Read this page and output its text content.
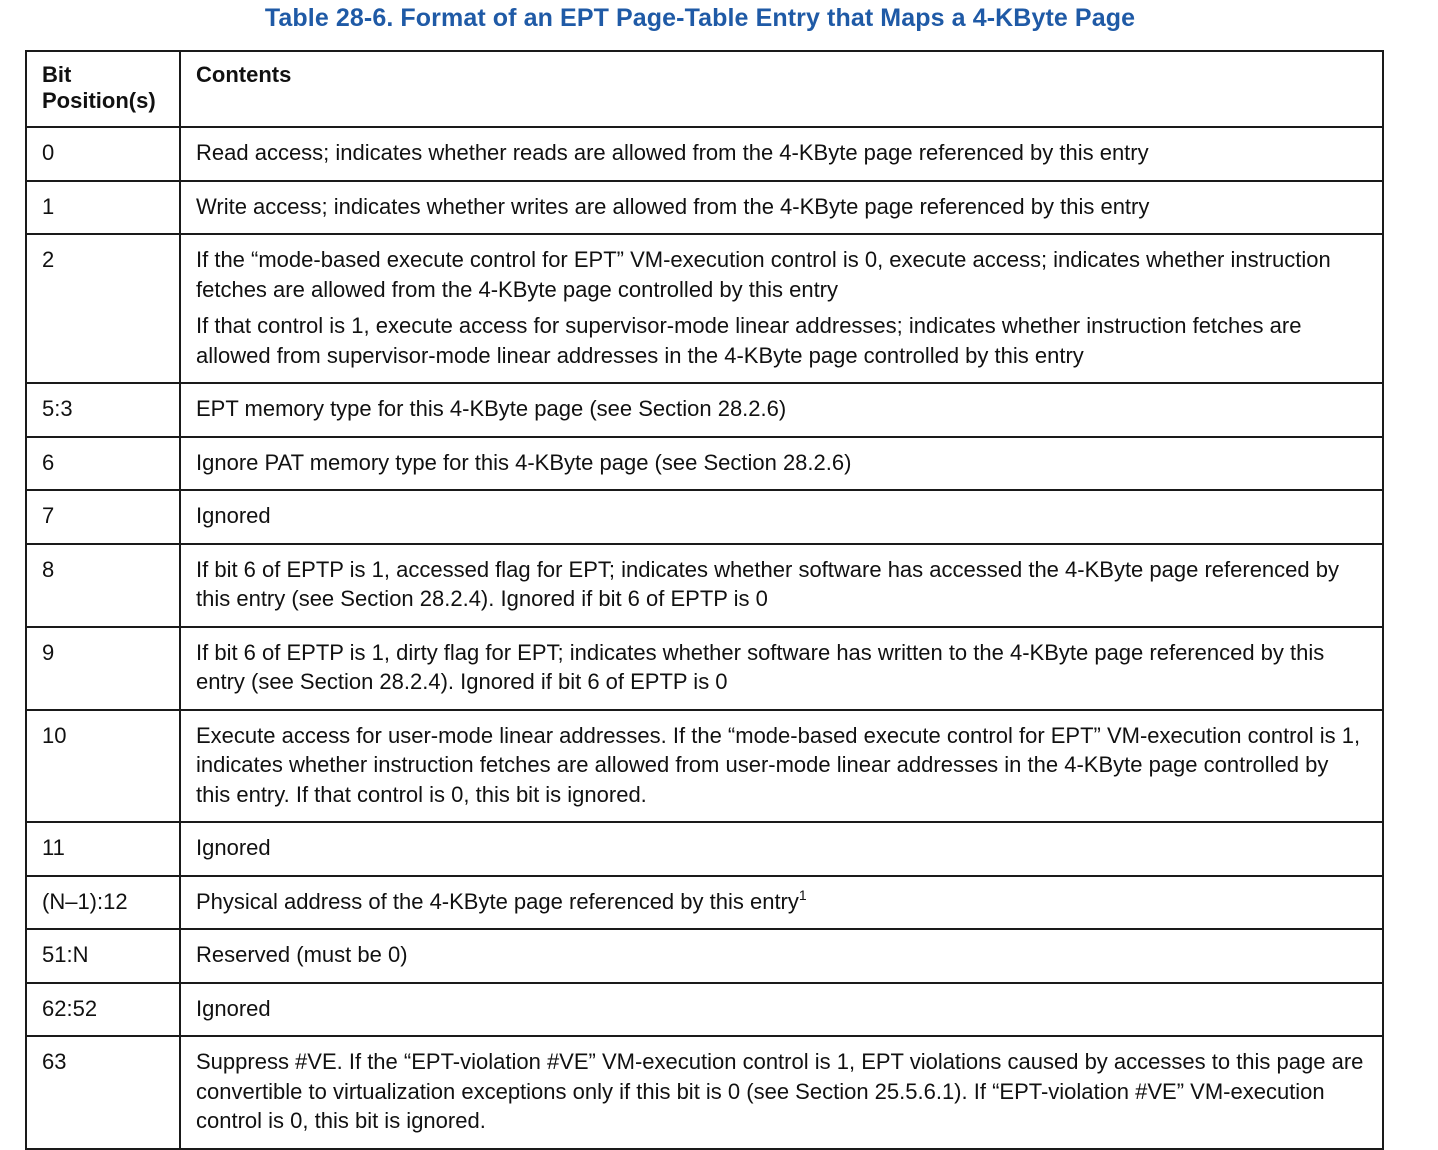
Table 28-6. Format of an EPT Page-Table Entry that Maps a 4-KByte Page
Bit
Position(s)	Contents
0	Read access; indicates whether reads are allowed from the 4-KByte page referenced by this entry

1	Write access; indicates whether writes are allowed from the 4-KByte page referenced by this entry

2	If the “mode-based execute control for EPT” VM-execution control is 0, execute access; indicates whether instruction fetches are allowed from the 4-KByte page controlled by this entry

If that control is 1, execute access for supervisor-mode linear addresses; indicates whether instruction fetches are allowed from supervisor-mode linear addresses in the 4-KByte page controlled by this entry

5:3	EPT memory type for this 4-KByte page (see Section 28.2.6)

6	Ignore PAT memory type for this 4-KByte page (see Section 28.2.6)

7	Ignored

8	If bit 6 of EPTP is 1, accessed flag for EPT; indicates whether software has accessed the 4-KByte page referenced by this entry (see Section 28.2.4). Ignored if bit 6 of EPTP is 0

9	If bit 6 of EPTP is 1, dirty flag for EPT; indicates whether software has written to the 4-KByte page referenced by this entry (see Section 28.2.4). Ignored if bit 6 of EPTP is 0

10	Execute access for user-mode linear addresses. If the “mode-based execute control for EPT” VM-execution control is 1, indicates whether instruction fetches are allowed from user-mode linear addresses in the 4-KByte page controlled by this entry. If that control is 0, this bit is ignored.

11	Ignored

(N–1):12	Physical address of the 4-KByte page referenced by this entry$^1$

51:N	Reserved (must be 0)

62:52	Ignored

63	Suppress #VE. If the “EPT-violation #VE” VM-execution control is 1, EPT violations caused by accesses to this page are convertible to virtualization exceptions only if this bit is 0 (see Section 25.5.6.1). If “EPT-violation #VE” VM-execution control is 0, this bit is ignored.
